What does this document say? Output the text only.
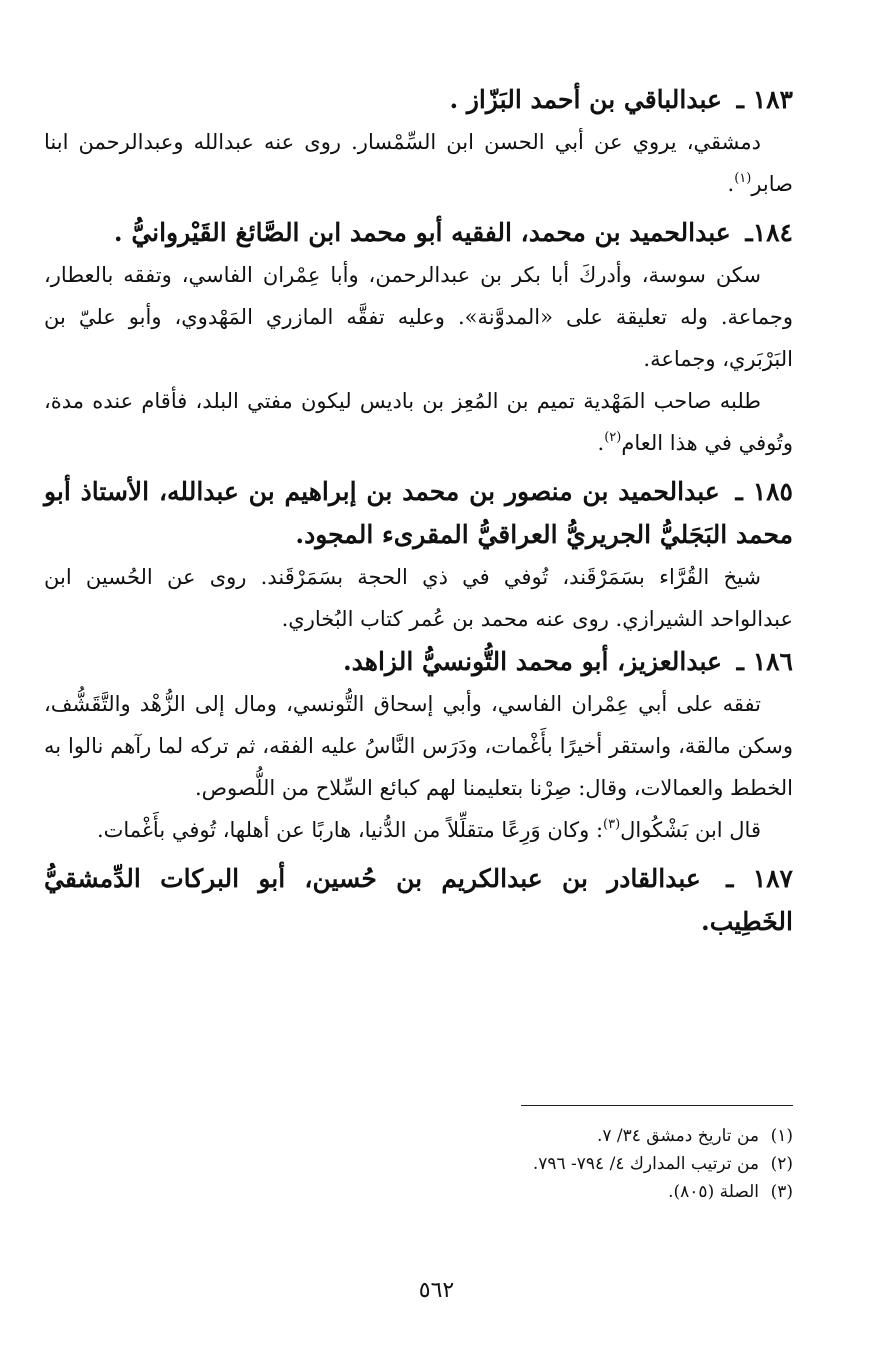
١٨٣ ـ عبدالباقي بن أحمد البَزّاز .

دمشقي، يروي عن أبي الحسن ابن السِّمْسار. روى عنه عبدالله وعبدالرحمن ابنا صابر$^{(١)}$.

١٨٤ـ عبدالحميد بن محمد، الفقيه أبو محمد ابن الصَّائغ القَيْروانيُّ .

سكن سوسة، وأدركَ أبا بكر بن عبدالرحمن، وأبا عِمْران الفاسي، وتفقه بالعطار، وجماعة. وله تعليقة على «المدوَّنة». وعليه تفقَّه المازري المَهْدوي، وأبو عليّ بن البَرْبَري، وجماعة.

طلبه صاحب المَهْدية تميم بن المُعِز بن باديس ليكون مفتي البلد، فأقام عنده مدة، وتُوفي في هذا العام$^{(٢)}$.

١٨٥ ـ عبدالحميد بن منصور بن محمد بن إبراهيم بن عبدالله، الأستاذ أبو محمد البَجَليُّ الجريريُّ العراقيُّ المقرىء المجود.

شيخ القُرَّاء بسَمَرْقَند، تُوفي في ذي الحجة بسَمَرْقَند. روى عن الحُسين ابن عبدالواحد الشيرازي. روى عنه محمد بن عُمر كتاب البُخاري.

١٨٦ ـ عبدالعزيز، أبو محمد التُّونسيُّ الزاهد.

تفقه على أبي عِمْران الفاسي، وأبي إسحاق التُّونسي، ومال إلى الزُّهْد والتَّقَشُّف، وسكن مالقة، واستقر أخيرًا بأَغْمات، ودَرَس النَّاسُ عليه الفقه، ثم تركه لما رآهم نالوا به الخطط والعمالات، وقال: صِرْنا بتعليمنا لهم كبائع السِّلاح من اللُّصوص.

قال ابن بَشْكُوال$^{(٣)}$: وكان وَرِعًا متقلِّلاً من الدُّنيا، هاربًا عن أهلها، تُوفي بأَغْمات.

١٨٧ ـ عبدالقادر بن عبدالكريم بن حُسين، أبو البركات الدِّمشقيُّ الخَطِيب.

(١)من تاريخ دمشق ٣٤/ ٧.

(٢)من ترتيب المدارك ٤/ ٧٩٤- ٧٩٦.

(٣)الصلة (٨٠٥).

٥٦٢
